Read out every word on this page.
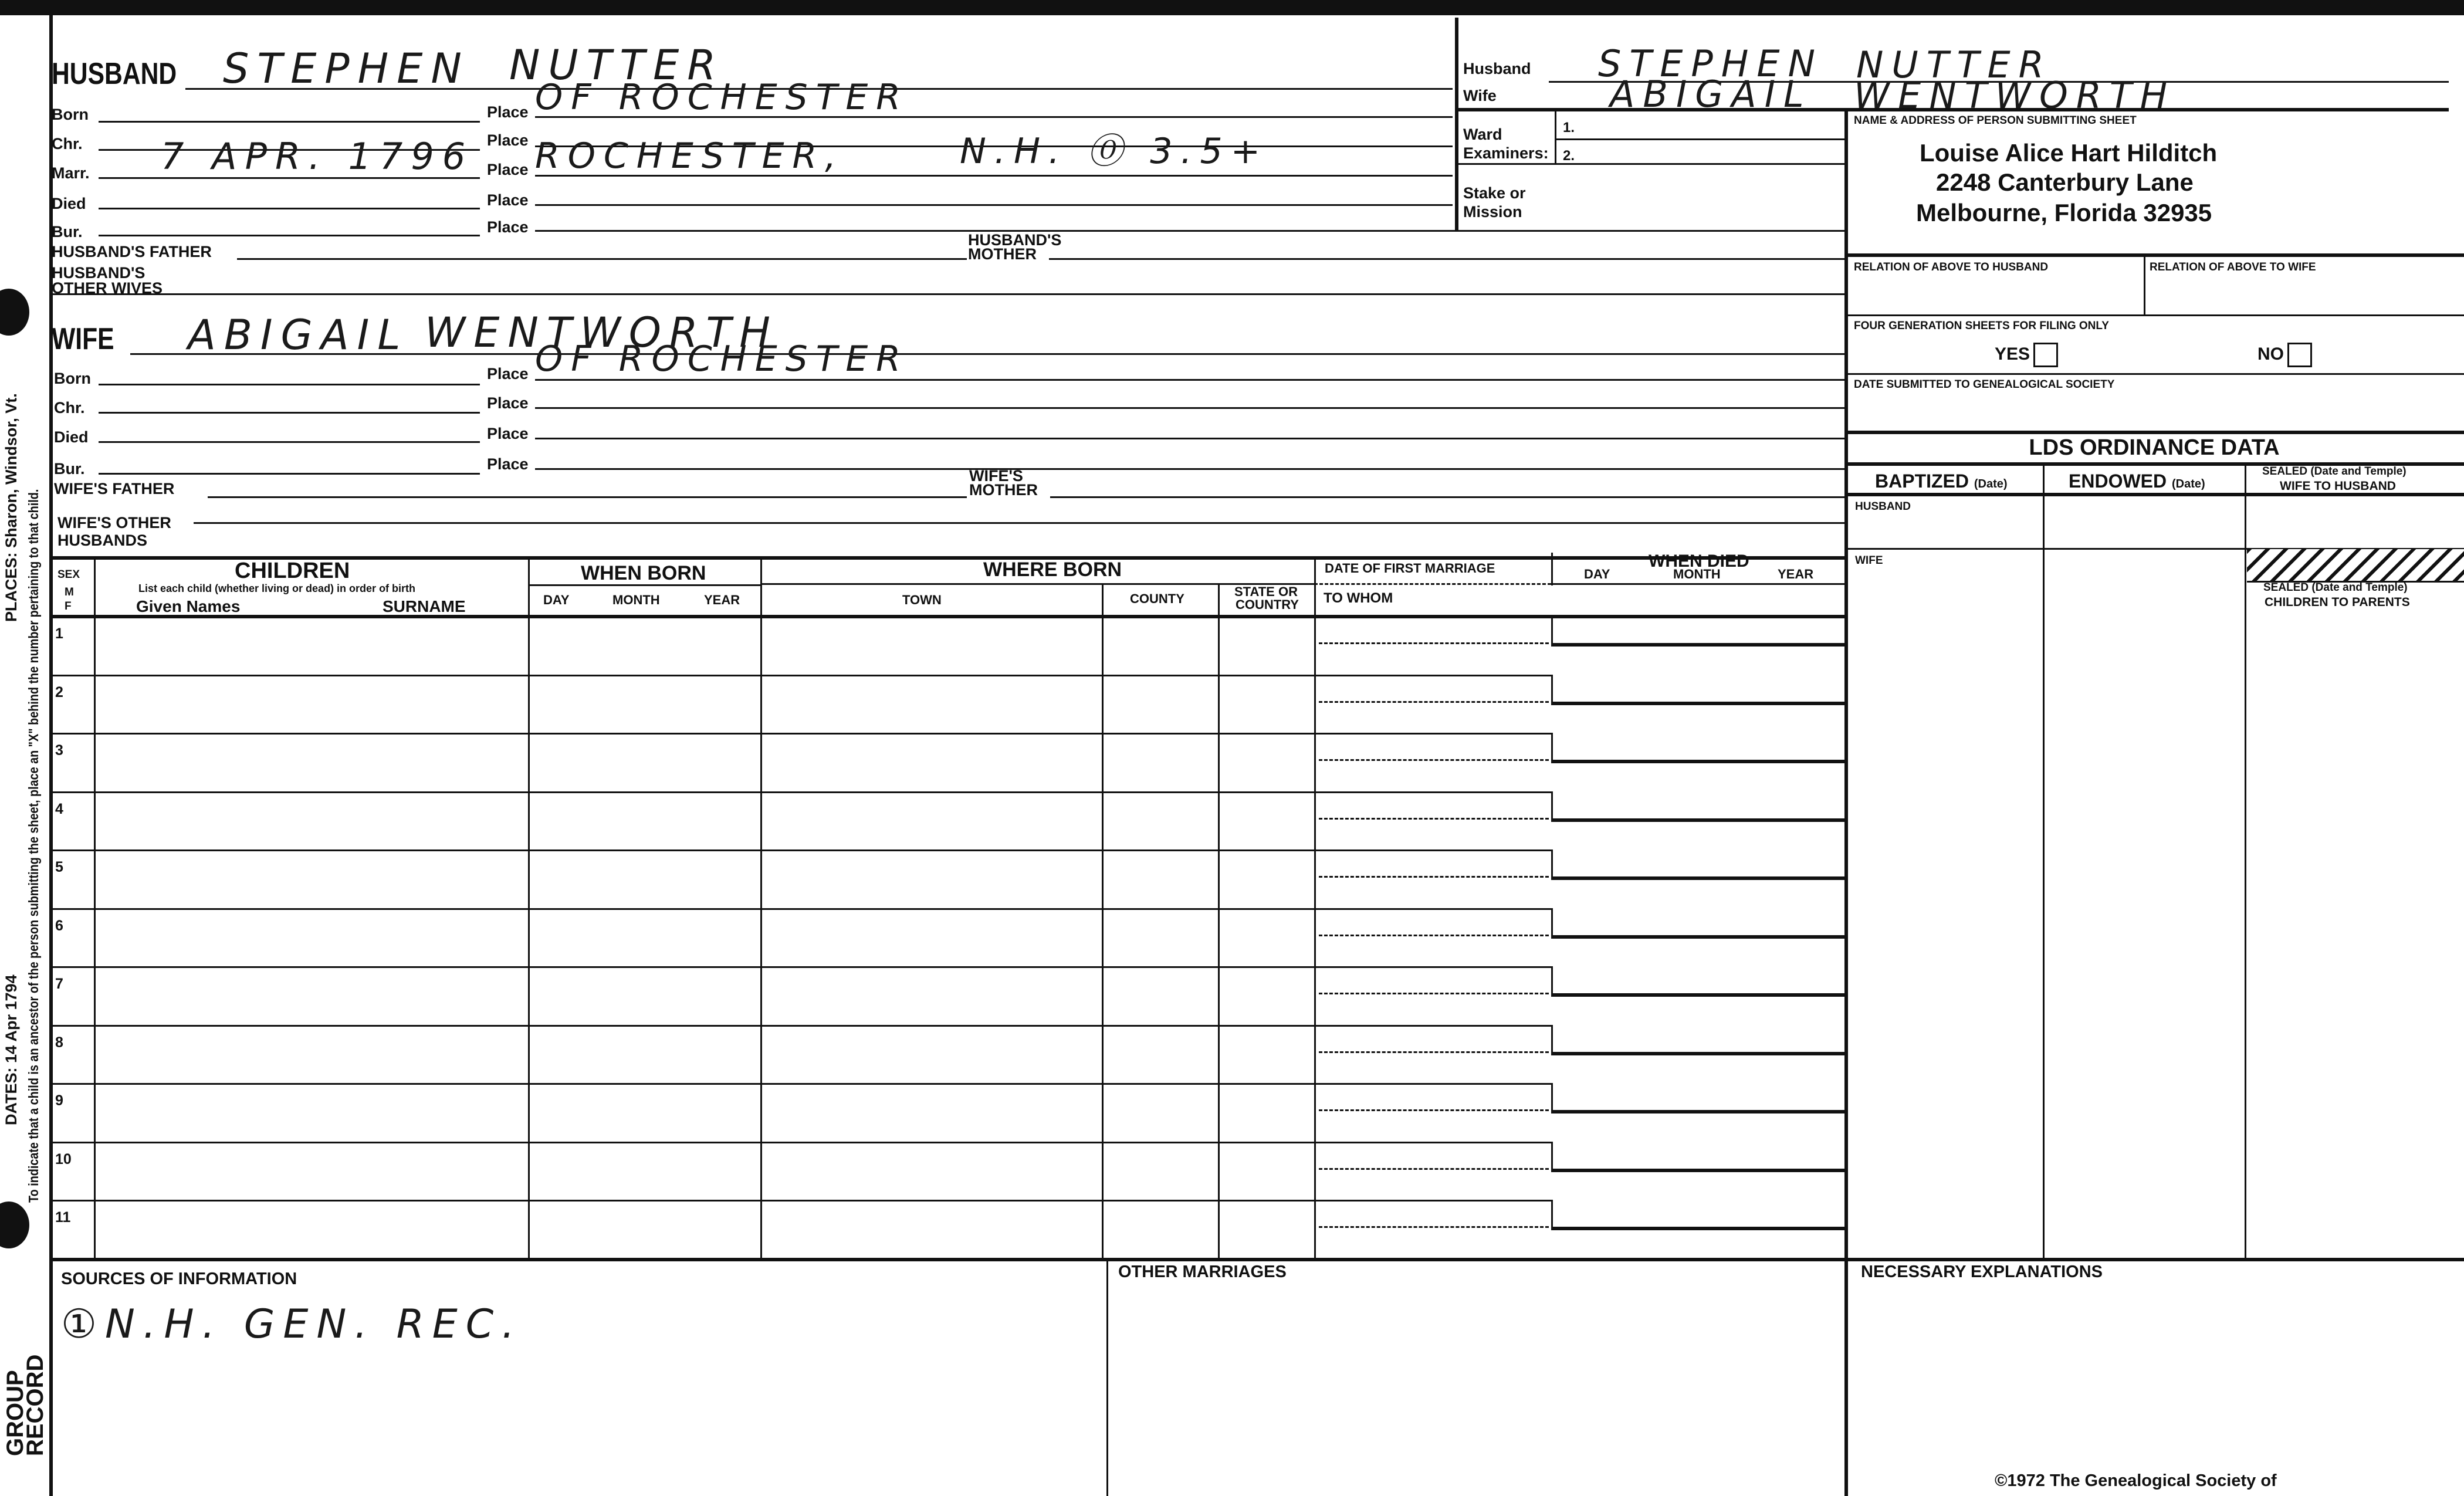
PLACES: Sharon, Windsor, Vt.
DATES: 14 Apr 1794 To indicate that a child is an ancestor of the person submitting the sheet, place an "X" behind the number pertaining to that child.
GROUP
RECORD
HUSBAND STEPHEN NUTTER
Born	Place OF ROCHESTER
Chr.	Place
Marr. 7 APR. 1796 Place ROCHESTER,	N.H. ⓪ 3.5+
Died	Place
Bur.	Place
HUSBAND'S FATHER
HUSBAND'S
MOTHER
HUSBAND'S
OTHER WIVES
WIFE ABIGAIL WENTWORTH
Born	Place OF ROCHESTER
Chr.	Place
Died	Place
Bur.	Place
WIFE'S FATHER
WIFE'S
MOTHER
WIFE'S OTHER
HUSBANDS
Husband STEPHEN NUTTER
Wife	ABIGAIL WENTWORTH
Ward
Examiners:
1.
2.
Stake or
Mission
NAME & ADDRESS OF PERSON SUBMITTING SHEET
Louise Alice Hart Hilditch
2248 Canterbury Lane
Melbourne, Florida 32935
RELATION OF ABOVE TO HUSBAND	RELATION OF ABOVE TO WIFE
FOUR GENERATION SHEETS FOR FILING ONLY
YES	NO
DATE SUBMITTED TO GENEALOGICAL SOCIETY
LDS ORDINANCE DATA
BAPTIZED (Date)	ENDOWED (Date)
SEALED (Date and Temple)
WIFE TO HUSBAND
HUSBAND
WIFE
SEALED (Date and Temple)
CHILDREN TO PARENTS
SEX
M
F
CHILDREN
List each child (whether living or dead) in order of birth
Given Names	SURNAME
WHEN BORN
DAY	MONTH	YEAR
WHERE BORN
TOWN	COUNTY	STATE OR
COUNTRY
DATE OF FIRST MARRIAGE
TO WHOM
WHEN DIED
DAY	MONTH	YEAR
1
2
3
4
5
6
7
8
9
10
11
SOURCES OF INFORMATION
①N.H. GEN. REC.
OTHER MARRIAGES	NECESSARY EXPLANATIONS
©1972 The Genealogical Society of
